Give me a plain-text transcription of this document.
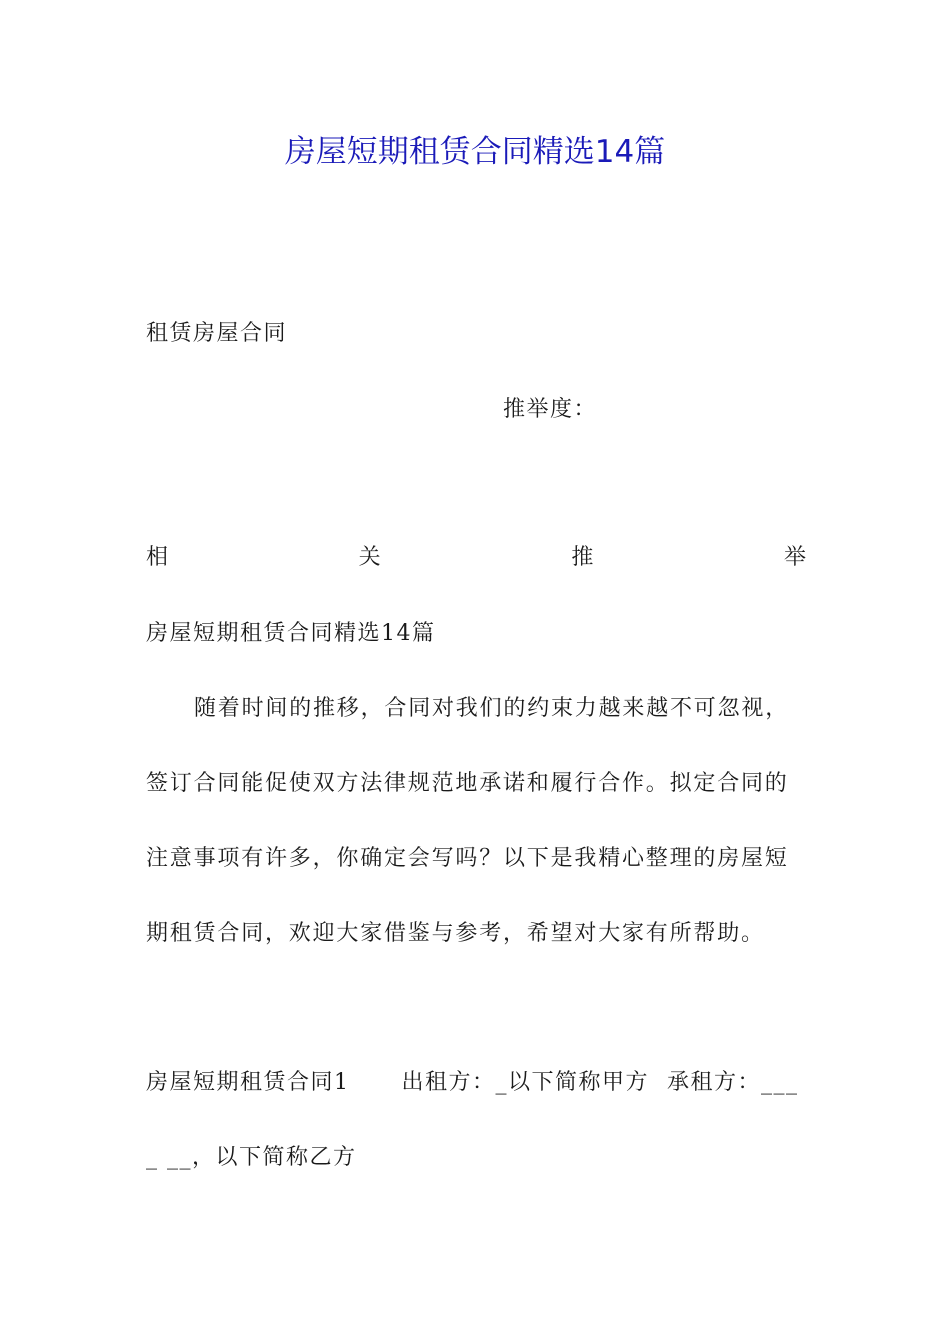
房屋短期租赁合同精选14篇
租赁房屋合同
推举度：
相	关	推	举
房屋短期租赁合同精选14篇
随着时间的推移，合同对我们的约束力越来越不可忽视，
签订合同能促使双方法律规范地承诺和履行合作。拟定合同的
注意事项有许多，你确定会写吗？以下是我精心整理的房屋短
期租赁合同，欢迎大家借鉴与参考，希望对大家有所帮助。
房屋短期租赁合同1 出租方：_以下简称甲方 承租方：___
_ __，以下简称乙方
